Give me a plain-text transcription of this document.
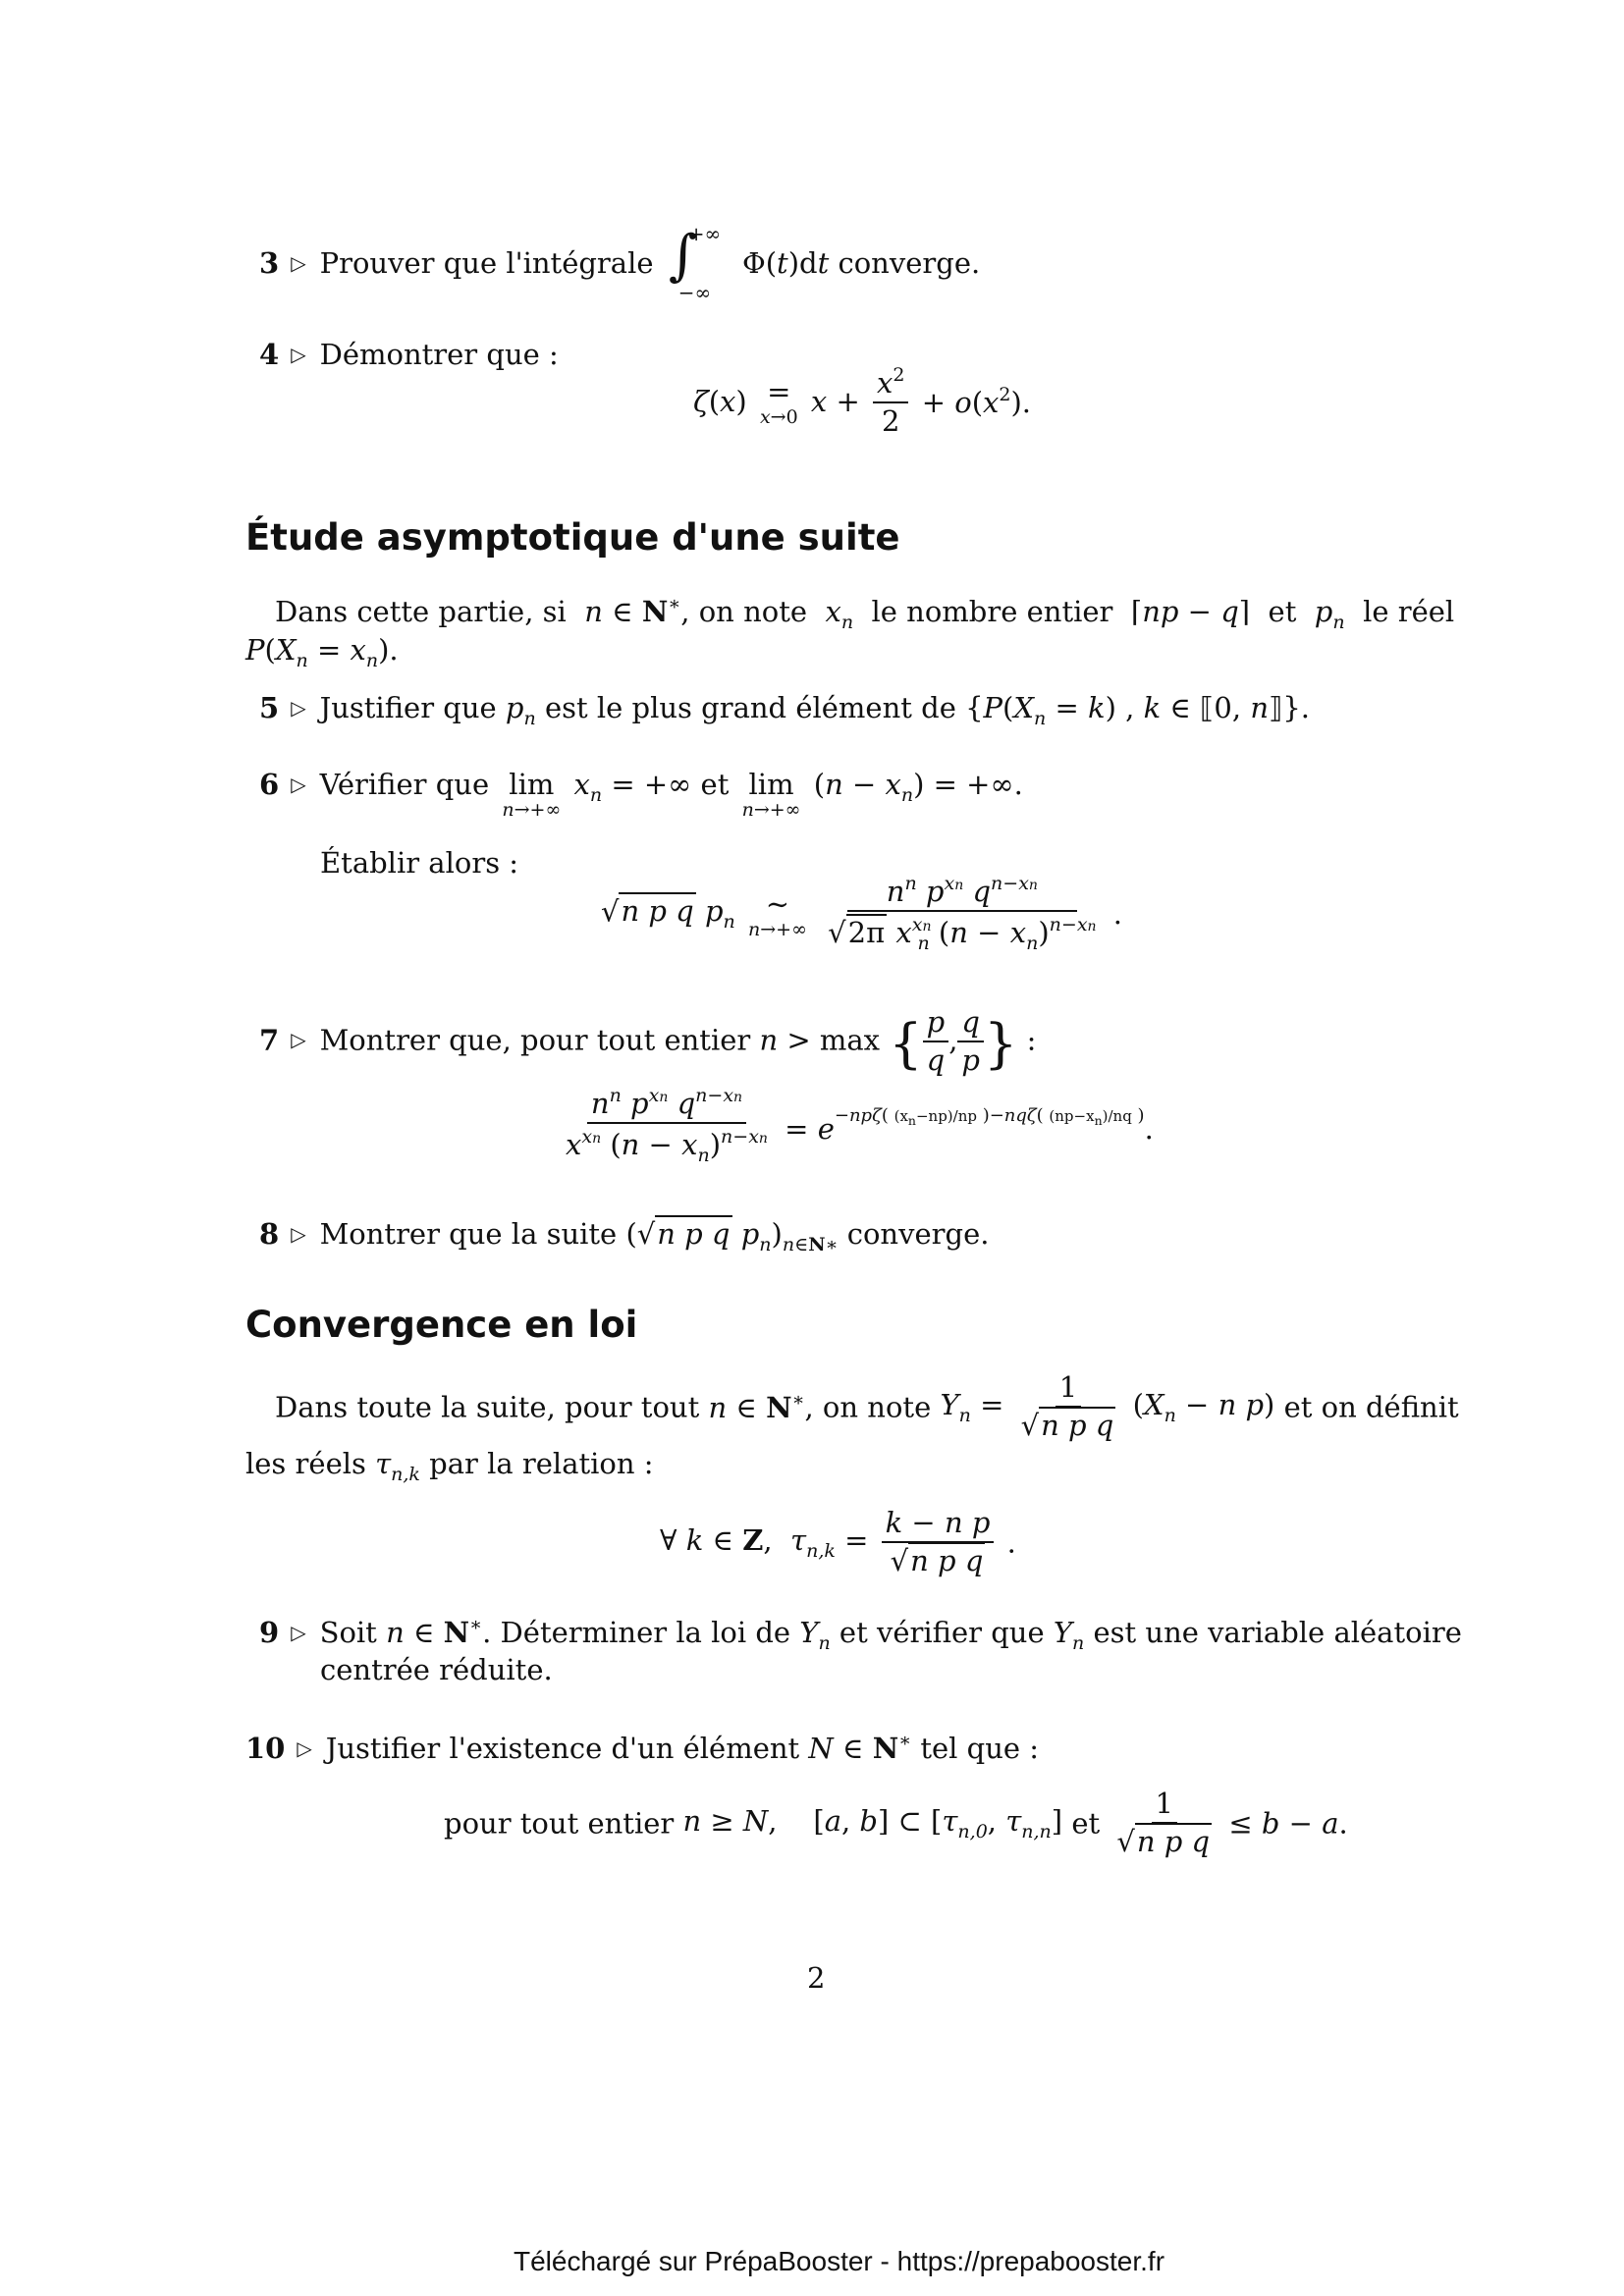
3 ▷ Prouver que l'intégrale ∫
+∞
−∞
Φ(t)dt converge.
4 ▷ Démontrer que :
ζ(x) =
x→0 $x + \frac{x^2}{2} + o(x^2)$.
Étude asymptotique d'une suite
Dans cette partie, si n ∈ N∗, on note $x_n$ le nombre entier  ⌈np − q⌉  et $p_n$ le réel
$P(X_n = x_n)$.
5 ▷ Justifier que $p_n$ est le plus grand élément de {$P(X_n = k)$ , k ∈ ⟦0, n⟧}.
6 ▷ Vérifier que lim
n→+∞
$x_n$ = +∞ et lim
n→+∞
$(n - x_n)$ = +∞.
Établir alors :
√n p q $p_n$
∼
n→+∞
$\frac{n^n p^{xn} q^{n-xn}}{√2\pi x^{xn}_n (n - x_n)^{n-xn}}$ .
7 ▷ Montrer que, pour tout entier n > max { $\frac{p}{q}$ , $\frac{q}{p}$ } :
$\frac{n^n p^{xn} q^{n-xn}}{x^{xn} (n - x_n)^{n-xn}} = e^{-np\zeta( (x_n-np)/np )-nq\zeta( (np-x_n)/nq )}$.
8 ▷ Montrer que la suite (√n p q $p_n)_{n\in N∗}$ converge.
Convergence en loi
Dans toute la suite, pour tout n ∈ N∗, on note $Y_n = \frac{1}{\text{√n p q}} (X_n - n$ p) et on définit
les réels $\tau_{n,k}$ par la relation :
∀ k ∈ Z,  $\tau_{n,k} = \frac{\text{k − n p}}{\text{√n p q}}$ .
9 ▷ Soit n ∈ N∗. Déterminer la loi de $Y_n$ et vérifier que $Y_n$ est une variable aléatoire
centrée réduite.
10 ▷ Justifier l'existence d'un élément N ∈ N∗ tel que :
pour tout entier n ≥ N,    [a, b] ⊂ [$\tau_{n,0}$, $\tau_{n,n}$] et $\frac{1}{\text{√n p q}} \le b - a$.
2
Téléchargé sur PrépaBooster - https://prepabooster.fr
